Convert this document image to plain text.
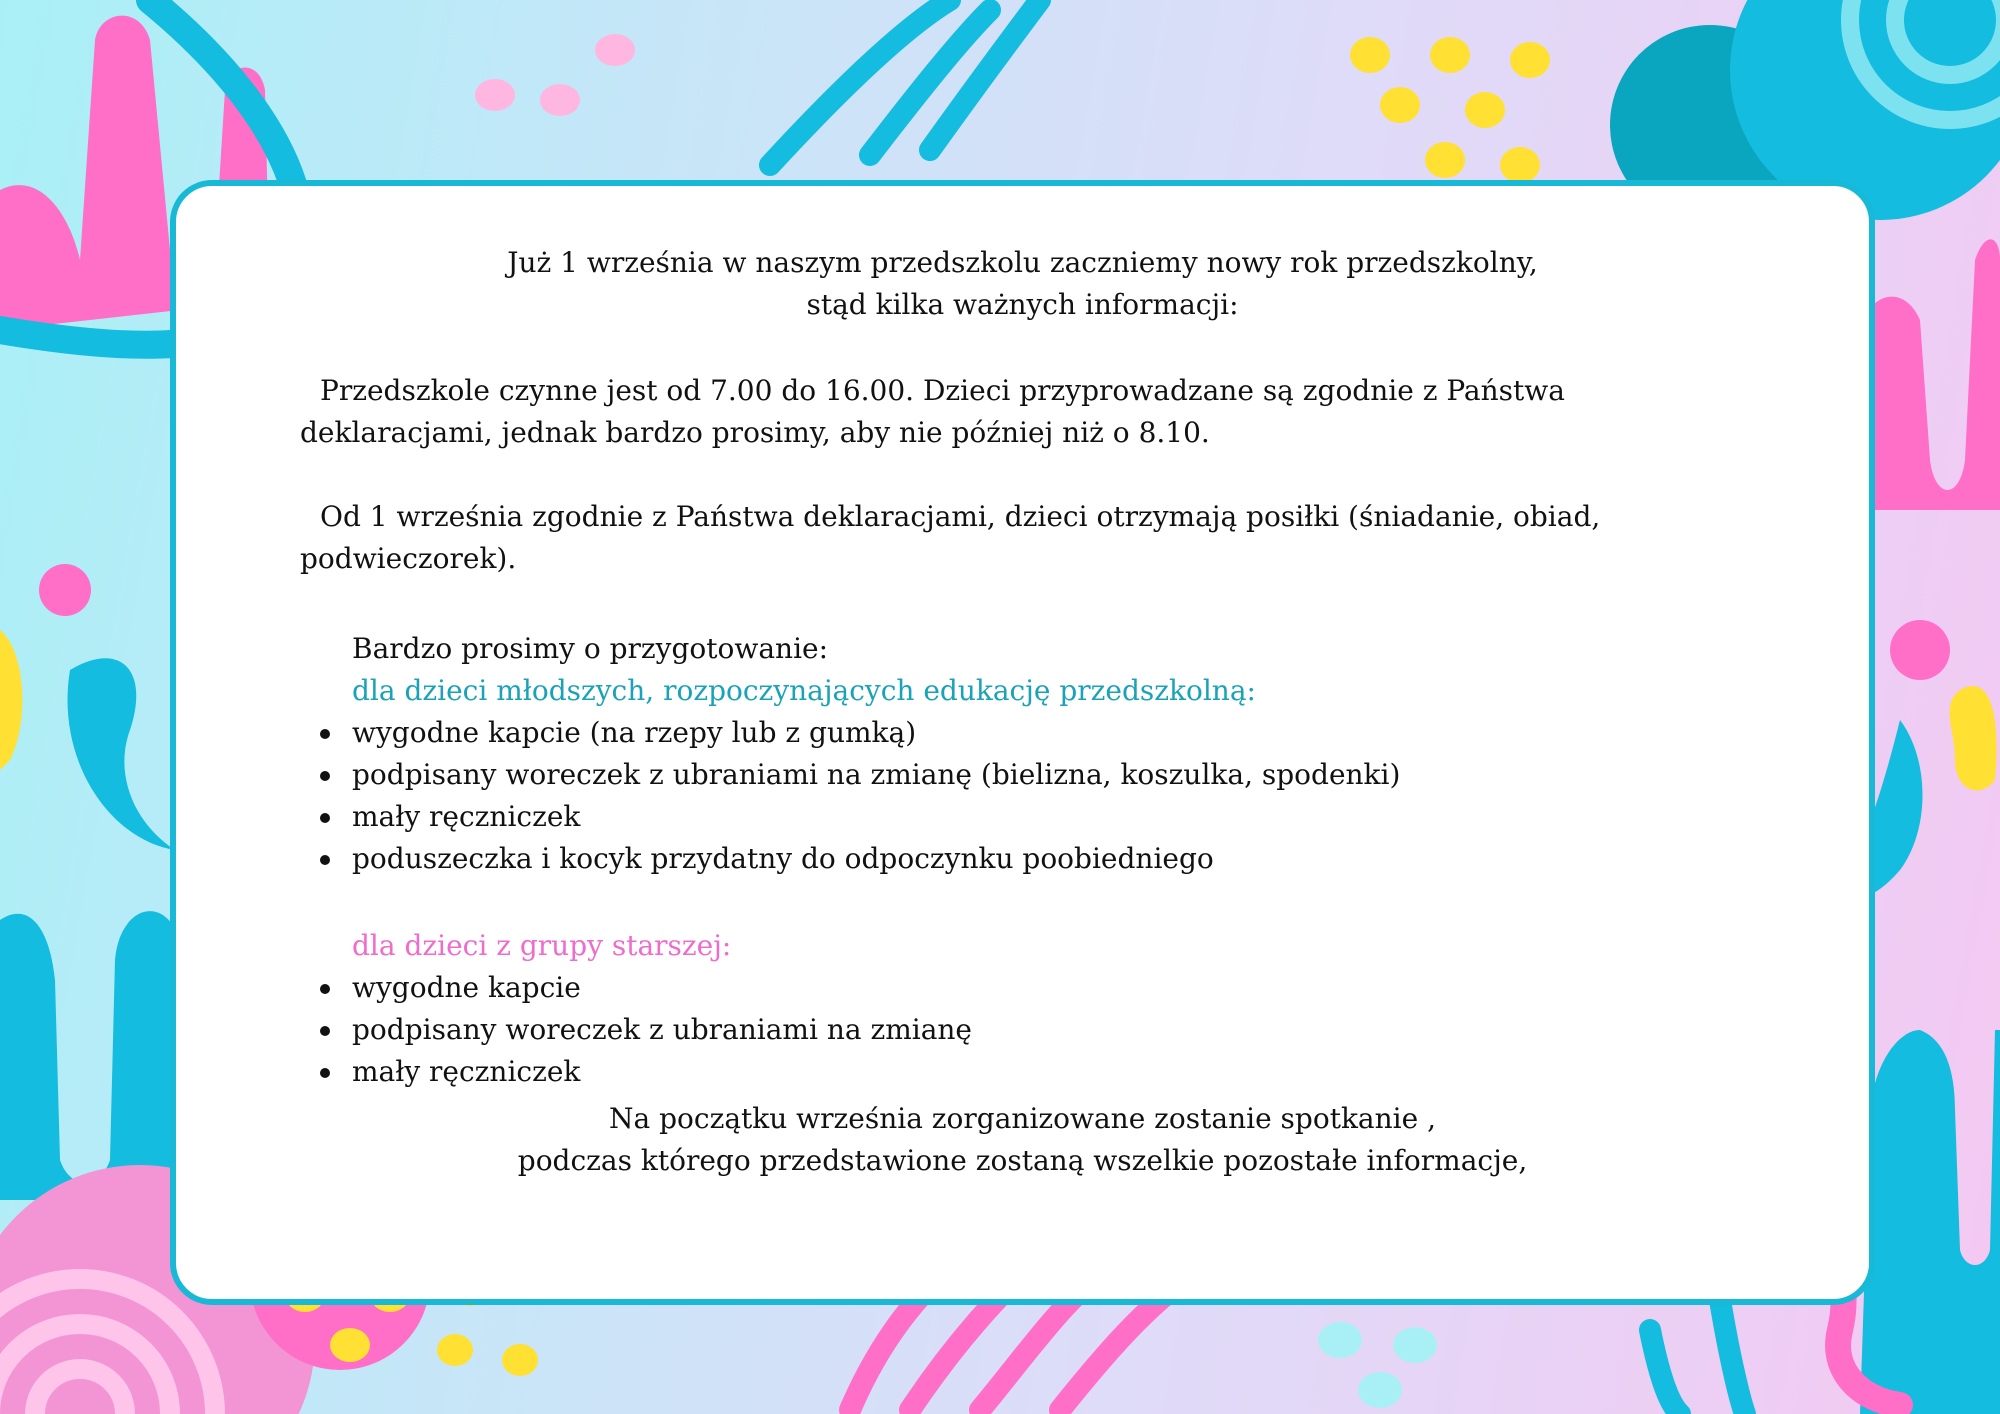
Już 1 września w naszym przedszkolu zaczniemy nowy rok przedszkolny,

stąd kilka ważnych informacji:

Przedszkole czynne jest od 7.00 do 16.00. Dzieci przyprowadzane są zgodnie z Państwa

deklaracjami, jednak bardzo prosimy, aby nie później niż o 8.10.

Od 1 września zgodnie z Państwa deklaracjami, dzieci otrzymają posiłki (śniadanie, obiad,

podwieczorek).

Bardzo prosimy o przygotowanie:

dla dzieci młodszych, rozpoczynających edukację przedszkolną:

wygodne kapcie (na rzepy lub z gumką)
podpisany woreczek z ubraniami na zmianę (bielizna, koszulka, spodenki)
mały ręczniczek
poduszeczka i kocyk przydatny do odpoczynku poobiedniego

dla dzieci z grupy starszej:

wygodne kapcie
podpisany woreczek z ubraniami na zmianę
mały ręczniczek

Na początku września zorganizowane zostanie spotkanie ,

podczas którego przedstawione zostaną wszelkie pozostałe informacje,
